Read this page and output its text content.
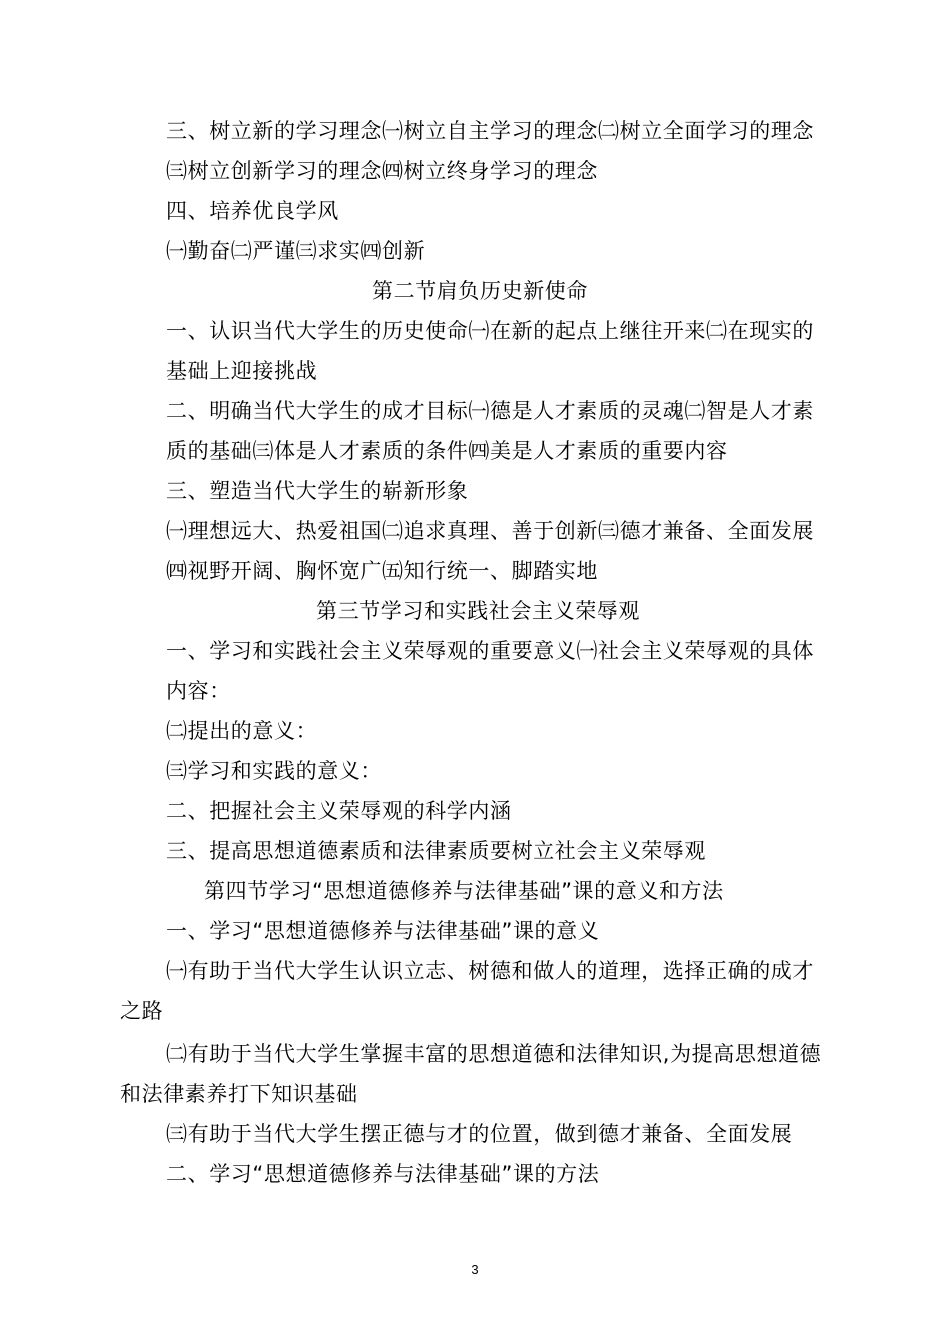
三、树立新的学习理念㈠树立自主学习的理念㈡树立全面学习的理念
㈢树立创新学习的理念㈣树立终身学习的理念
四、培养优良学风
㈠勤奋㈡严谨㈢求实㈣创新
第二节肩负历史新使命
一、认识当代大学生的历史使命㈠在新的起点上继往开来㈡在现实的
基础上迎接挑战
二、明确当代大学生的成才目标㈠德是人才素质的灵魂㈡智是人才素
质的基础㈢体是人才素质的条件㈣美是人才素质的重要内容
三、塑造当代大学生的崭新形象
㈠理想远大、热爱祖国㈡追求真理、善于创新㈢德才兼备、全面发展
㈣视野开阔、胸怀宽广㈤知行统一、脚踏实地
第三节学习和实践社会主义荣辱观
一、学习和实践社会主义荣辱观的重要意义㈠社会主义荣辱观的具体
内容：
㈡提出的意义：
㈢学习和实践的意义：
二、把握社会主义荣辱观的科学内涵
三、提高思想道德素质和法律素质要树立社会主义荣辱观
第四节学习“思想道德修养与法律基础”课的意义和方法
一、学习“思想道德修养与法律基础”课的意义
㈠有助于当代大学生认识立志、树德和做人的道理，选择正确的成才
之路
㈡有助于当代大学生掌握丰富的思想道德和法律知识,为提高思想道德
和法律素养打下知识基础
㈢有助于当代大学生摆正德与才的位置，做到德才兼备、全面发展
二、学习“思想道德修养与法律基础”课的方法
3
